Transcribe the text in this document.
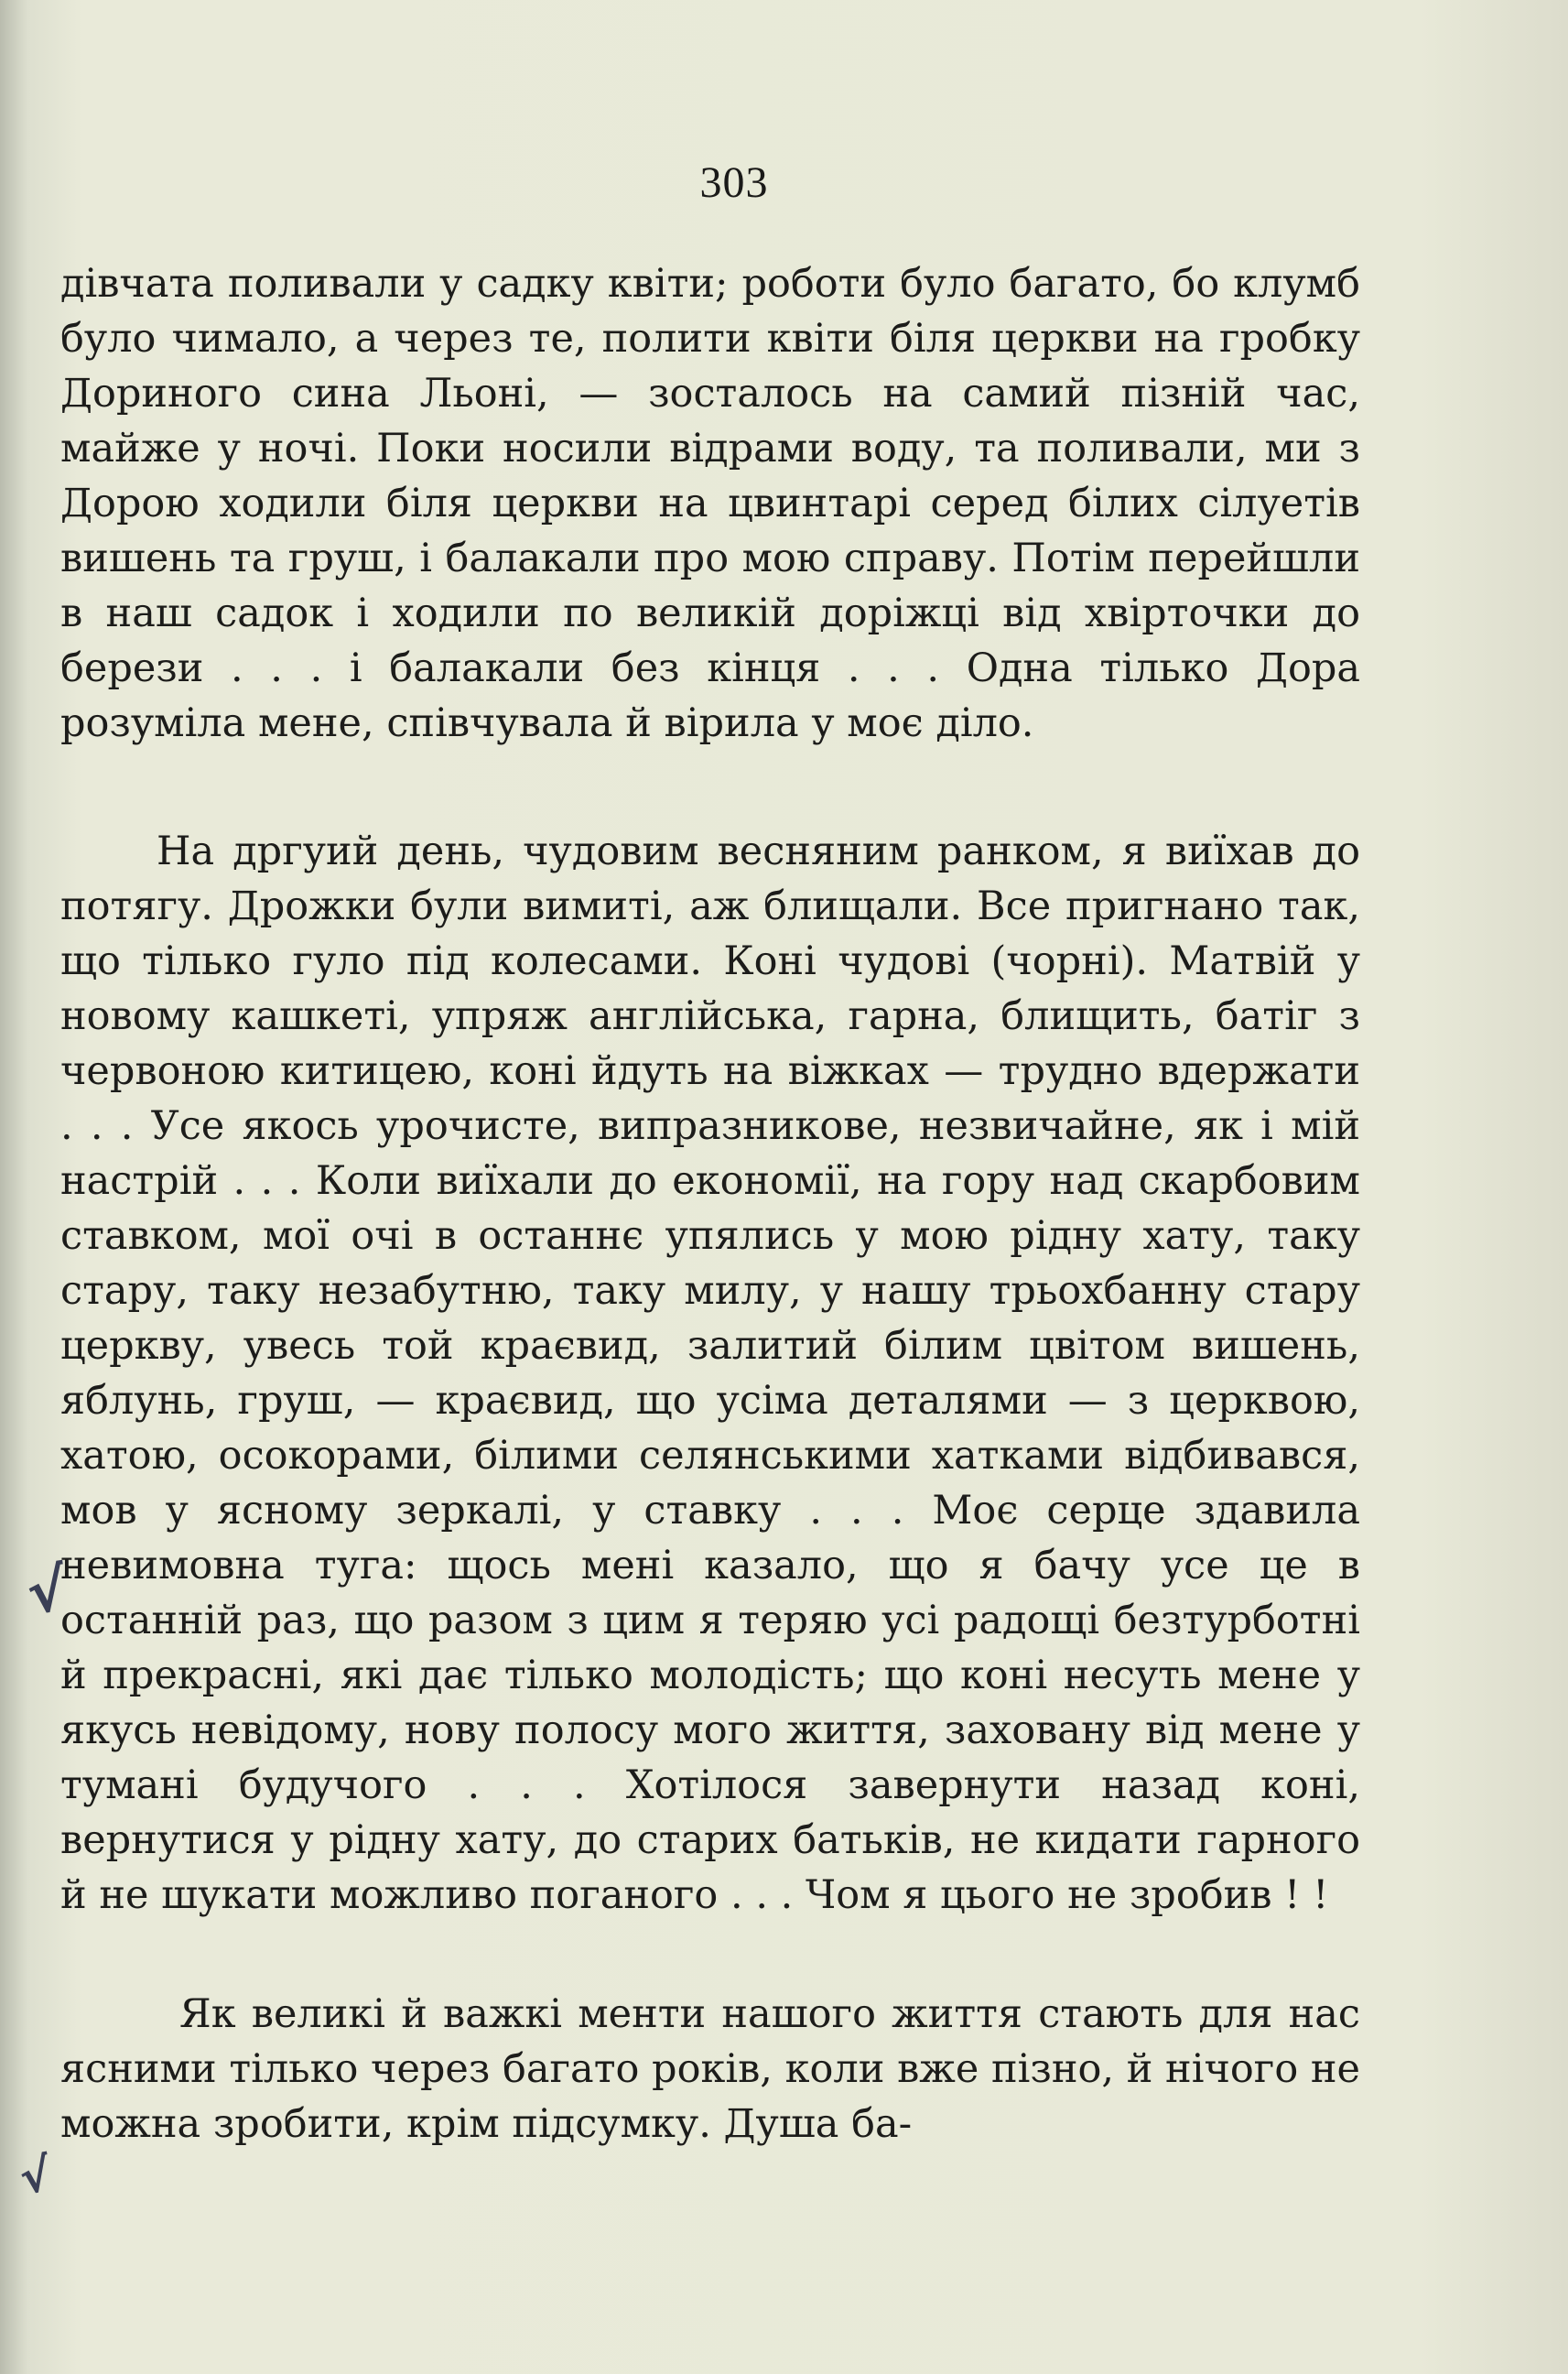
303

дівчата поливали у садку квіти; роботи було багато, бо клумб було чимало, а через те, полити квіти біля церкви на гробку Дориного сина Льоні, — зосталось на самий пізній час, майже у ночі. Поки носили відрами воду, та поливали, ми з Дорою ходили біля церкви на цвинтарі серед білих сілуетів вишень та груш, і балакали про мою справу. Потім перейшли в наш садок і ходили по великій доріжці від хвірточки до берези . . . і балакали без кінця . . . Одна тілько Дора розуміла мене, співчувала й вірила у моє діло.

На дргуий день, чудовим весняним ранком, я виїхав до потягу. Дрожки були вимиті, аж блищали. Все пригнано так, що тілько гуло під колесами. Коні чудові (чорні). Матвій у новому кашкеті, упряж англійська, гарна, блищить, батіг з червоною китицею, коні йдуть на віжках — трудно вдержати . . . Усе якось урочисте, випразникове, незвичайне, як і мій настрій . . . Коли виїхали до економії, на гору над скарбовим ставком, мої очі в останнє упялись у мою рідну хату, таку стару, таку незабутню, таку милу, у нашу трьохбанну стару церкву, увесь той краєвид, залитий білим цвітом вишень, яблунь, груш, — краєвид, що усіма деталями — з церквою, хатою, осокорами, білими селянськими хатками відбивався, мов у ясному зеркалі, у ставку . . . Моє серце здавила невимовна туга: щось мені казало, що я бачу усе це в останній раз, що разом з цим я теряю усі радощі безтурботні й прекрасні, які дає тілько молодість; що коні несуть мене у якусь невідому, нову полосу мого життя, заховану від мене у тумані будучого . . . Хотілося завернути назад коні, вернутися у рідну хату, до старих батьків, не кидати гарного й не шукати можливо поганого . . . Чом я цього не зробив ! !

Як великі й важкі менти нашого життя стають для нас ясними тілько через багато років, коли вже пізно, й нічого не можна зробити, крім підсумку. Душа ба-

√
√
